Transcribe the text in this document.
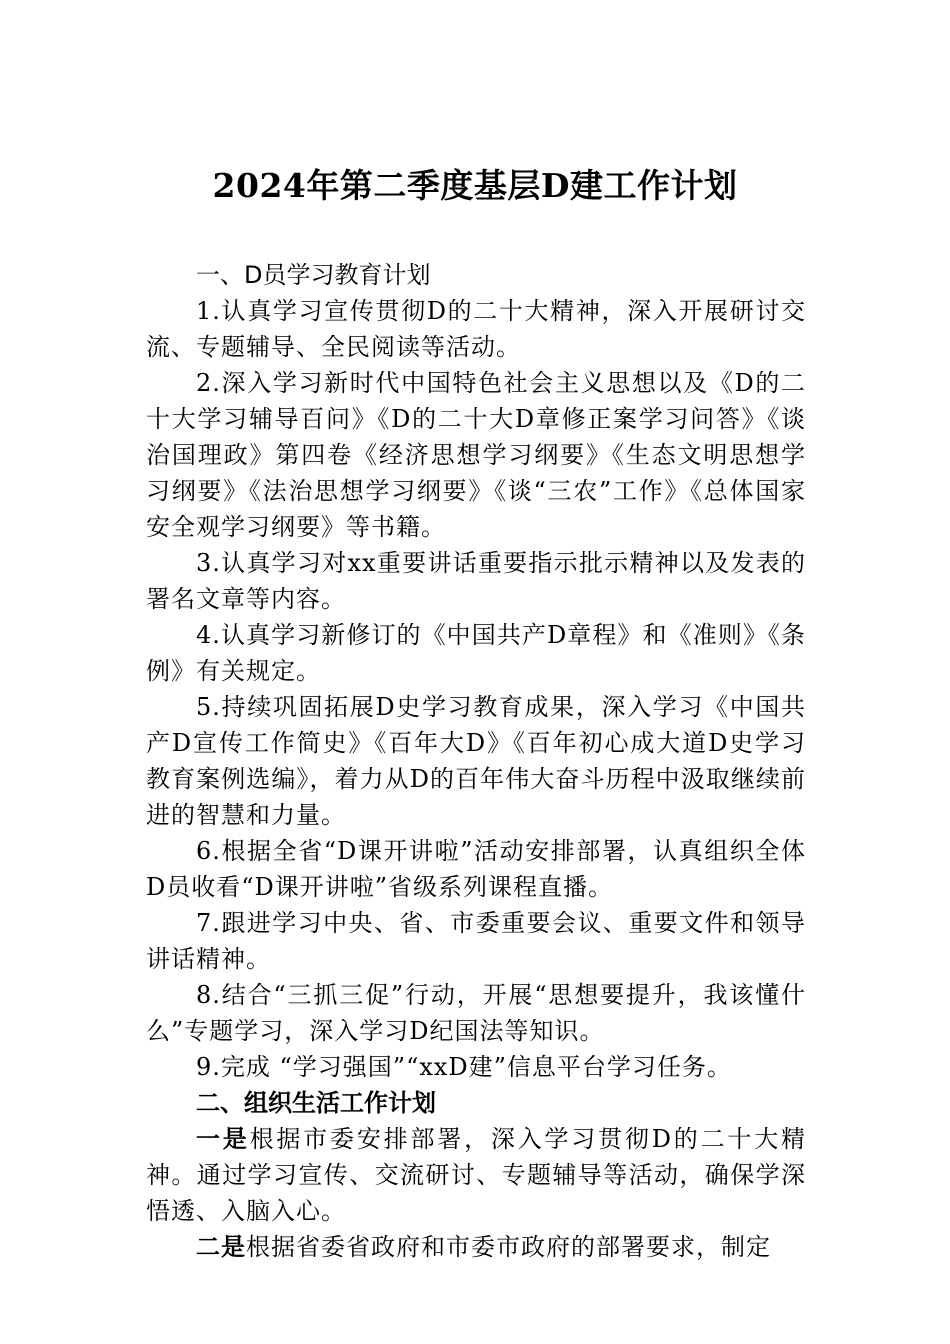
2024年第二季度基层D建工作计划

一、D员学习教育计划

1.认真学习宣传贯彻D的二十大精神，深入开展研讨交流、专题辅导、全民阅读等活动。

2.深入学习新时代中国特色社会主义思想以及《D的二十大学习辅导百问》《D的二十大D章修正案学习问答》《谈治国理政》第四卷《经济思想学习纲要》《生态文明思想学习纲要》《法治思想学习纲要》《谈“三农”工作》《总体国家安全观学习纲要》等书籍。

3.认真学习对xx重要讲话重要指示批示精神以及发表的署名文章等内容。

4.认真学习新修订的《中国共产D章程》和《准则》《条例》有关规定。

5.持续巩固拓展D史学习教育成果，深入学习《中国共产D宣传工作简史》《百年大D》《百年初心成大道D史学习教育案例选编》，着力从D的百年伟大奋斗历程中汲取继续前进的智慧和力量。

6.根据全省“D课开讲啦”活动安排部署，认真组织全体D员收看“D课开讲啦”省级系列课程直播。

7.跟进学习中央、省、市委重要会议、重要文件和领导讲话精神。

8.结合“三抓三促”行动，开展“思想要提升，我该懂什么”专题学习，深入学习D纪国法等知识。

9.完成 “学习强国”“xxD建”信息平台学习任务。

二、组织生活工作计划

一是根据市委安排部署，深入学习贯彻D的二十大精神。通过学习宣传、交流研讨、专题辅导等活动，确保学深悟透、入脑入心。

二是根据省委省政府和市委市政府的部署要求，制定
